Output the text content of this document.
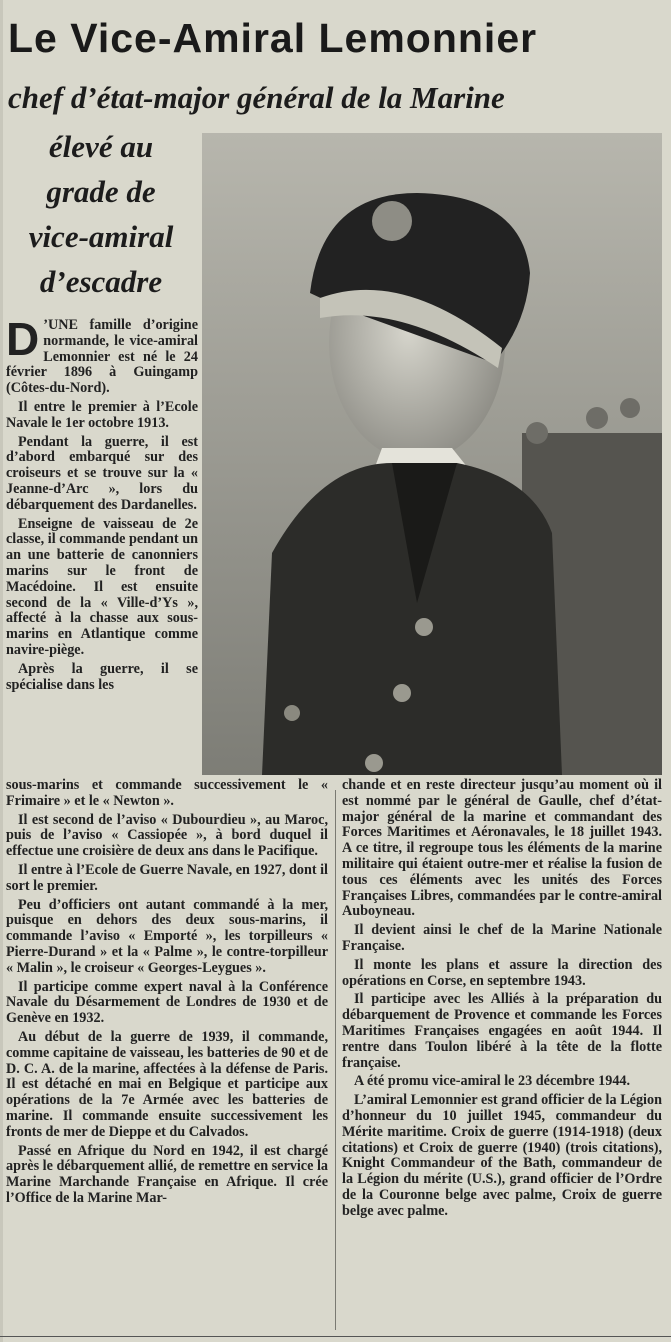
Le Vice-Amiral Lemonnier
chef d’état-major général de la Marine
élevé au
grade de
vice-amiral
d’escadre

D ’UNE famille d’origine normande, le vice-amiral Lemonnier est né le 24 février 1896 à Guingamp (Côtes-du-Nord).

Il entre le premier à l’Ecole Navale le 1er octobre 1913.

Pendant la guerre, il est d’abord embarqué sur des croiseurs et se trouve sur la « Jeanne-d’Arc », lors du débarquement des Dardanelles.

Enseigne de vaisseau de 2e classe, il commande pendant un an une batterie de canonniers marins sur le front de Macédoine. Il est ensuite second de la « Ville-d’Ys », affecté à la chasse aux sous-marins en Atlantique comme navire-piège.

Après la guerre, il se spécialise dans les

sous-marins et commande successivement le « Frimaire » et le « Newton ».

Il est second de l’aviso « Dubourdieu », au Maroc, puis de l’aviso « Cassiopée », à bord duquel il effectue une croisière de deux ans dans le Pacifique.

Il entre à l’Ecole de Guerre Navale, en 1927, dont il sort le premier.

Peu d’officiers ont autant commandé à la mer, puisque en dehors des deux sous-marins, il commande l’aviso « Emporté », les torpilleurs « Pierre-Durand » et la « Palme », le contre-torpilleur « Malin », le croiseur « Georges-Leygues ».

Il participe comme expert naval à la Conférence Navale du Désarmement de Londres de 1930 et de Genève en 1932.

Au début de la guerre de 1939, il commande, comme capitaine de vaisseau, les batteries de 90 et de D. C. A. de la marine, affectées à la défense de Paris. Il est détaché en mai en Belgique et participe aux opérations de la 7e Armée avec les batteries de marine. Il commande ensuite successivement les fronts de mer de Dieppe et du Calvados.

Passé en Afrique du Nord en 1942, il est chargé après le débarquement allié, de remettre en service la Marine Marchande Française en Afrique. Il crée l’Office de la Marine Mar-

chande et en reste directeur jusqu’au moment où il est nommé par le général de Gaulle, chef d’état-major général de la marine et commandant des Forces Maritimes et Aéronavales, le 18 juillet 1943. A ce titre, il regroupe tous les éléments de la marine militaire qui étaient outre-mer et réalise la fusion de tous ces éléments avec les unités des Forces Françaises Libres, commandées par le contre-amiral Auboyneau.

Il devient ainsi le chef de la Marine Nationale Française.

Il monte les plans et assure la direction des opérations en Corse, en septembre 1943.

Il participe avec les Alliés à la préparation du débarquement de Provence et commande les Forces Maritimes Françaises engagées en août 1944. Il rentre dans Toulon libéré à la tête de la flotte française.

A été promu vice-amiral le 23 décembre 1944.

L’amiral Lemonnier est grand officier de la Légion d’honneur du 10 juillet 1945, commandeur du Mérite maritime. Croix de guerre (1914-1918) (deux citations) et Croix de guerre (1940) (trois citations), Knight Commandeur of the Bath, commandeur de la Légion du mérite (U.S.), grand officier de l’Ordre de la Couronne belge avec palme, Croix de guerre belge avec palme.
